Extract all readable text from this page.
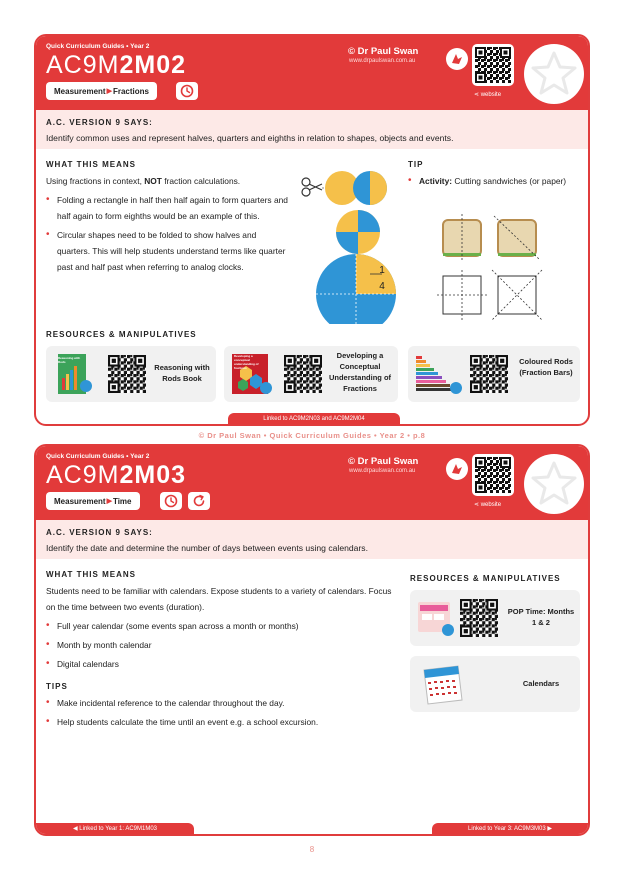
Quick Curriculum Guides • Year 2
AC9M2M02
Measurement ▶ Fractions
© Dr Paul Swan
www.drpaulswan.com.au
⋖ website
A.C. VERSION 9 SAYS:
Identify common uses and represent halves, quarters and eighths in relation to shapes, objects and events.
WHAT THIS MEANS
Using fractions in context, NOT fraction calculations.
• Folding a rectangle in half then half again to form quarters and half again to form eighths would be an example of this.
• Circular shapes need to be folded to show halves and quarters. This will help students understand terms like quarter past and half past when referring to analog clocks.	1
4
TIP
• Activity: Cutting sandwiches (or paper)
RESOURCES & MANIPULATIVES
Reasoning with Rods
Reasoning with Rods Book
Developing a conceptual understanding of fractions
Developing a Conceptual Understanding of Fractions
Coloured Rods (Fraction Bars)
Linked to AC9M2N03 and AC9M2M04
© Dr Paul Swan • Quick Curriculum Guides • Year 2 • p.8
Quick Curriculum Guides • Year 2
AC9M2M03
Measurement ▶ Time
© Dr Paul Swan
www.drpaulswan.com.au
⋖ website
A.C. VERSION 9 SAYS:
Identify the date and determine the number of days between events using calendars.
WHAT THIS MEANS
Students need to be familiar with calendars. Expose students to a variety of calendars. Focus on the time between two events (duration).
• Full year calendar (some events span across a month or months)
• Month by month calendar
• Digital calendars
TIPS
• Make incidental reference to the calendar throughout the day.
• Help students calculate the time until an event e.g. a school excursion.
RESOURCES & MANIPULATIVES
POP Time: Months 1 & 2
Calendars
◀ Linked to Year 1: AC9M1M03	Linked to Year 3: AC9M3M03 ▶
8
